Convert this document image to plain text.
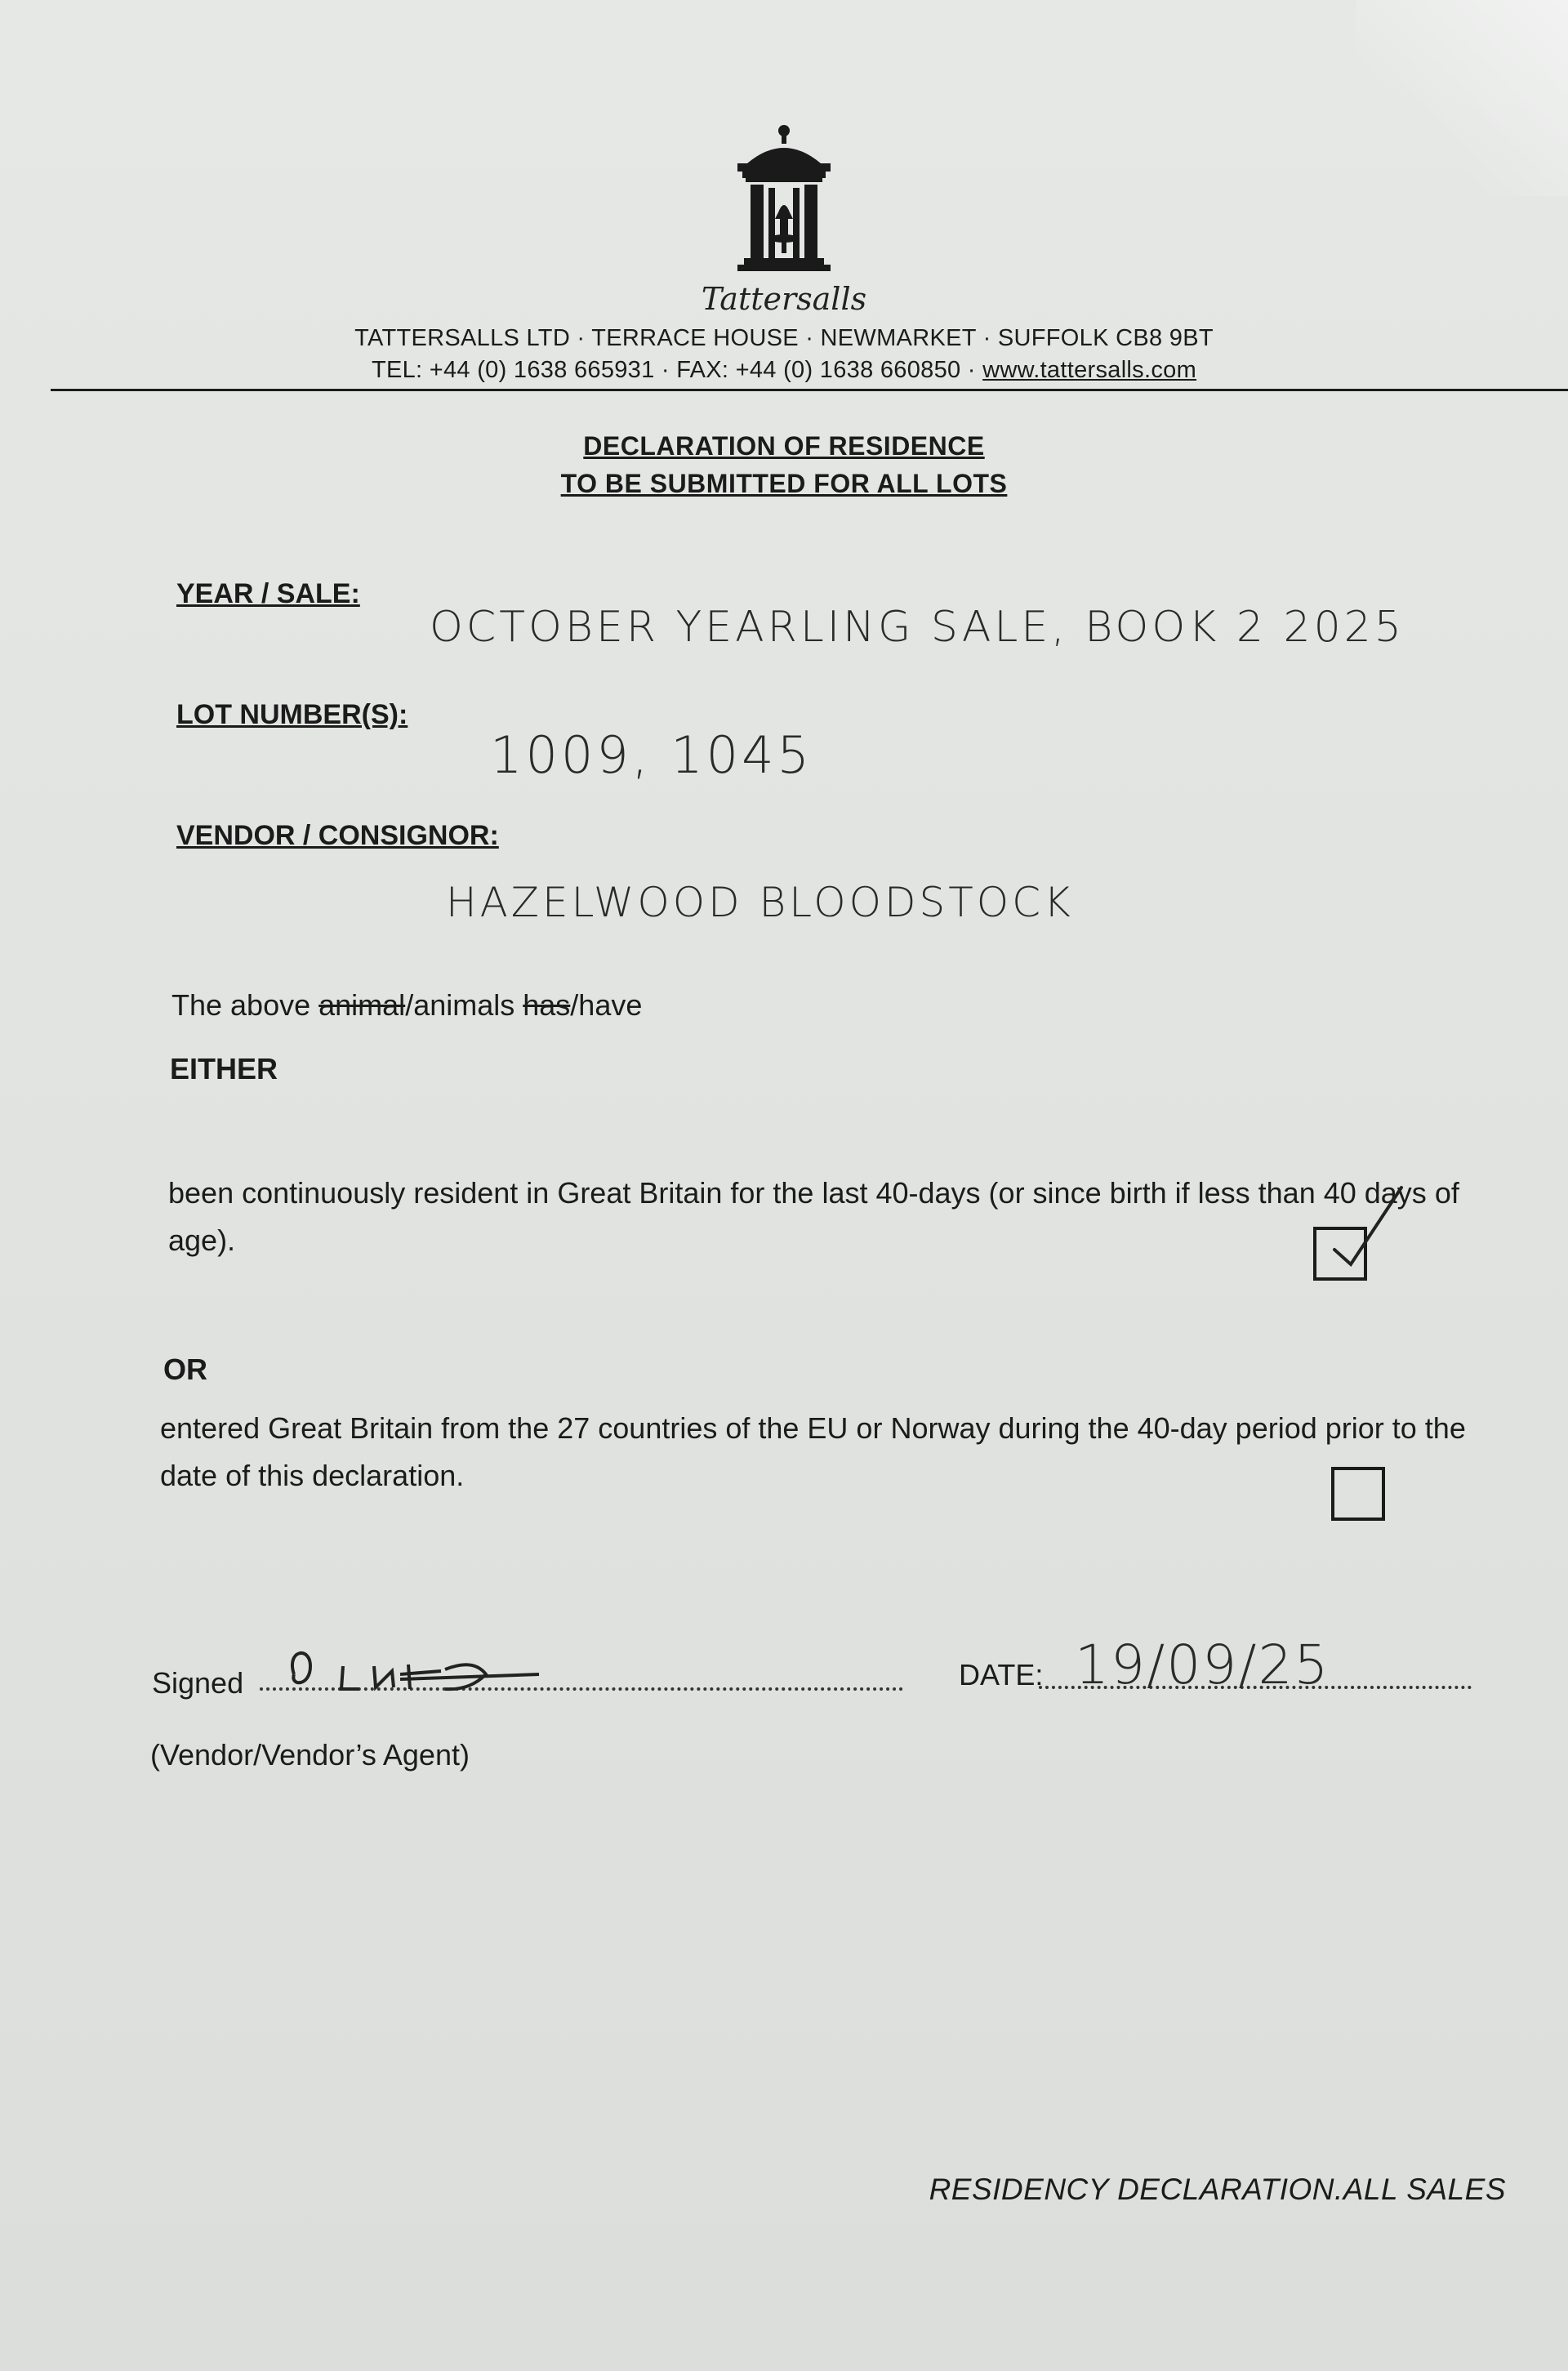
Tattersalls
TATTERSALLS LTD · TERRACE HOUSE · NEWMARKET · SUFFOLK CB8 9BT
TEL: +44 (0) 1638 665931 · FAX: +44 (0) 1638 660850 · www.tattersalls.com
DECLARATION OF RESIDENCE
TO BE SUBMITTED FOR ALL LOTS
YEAR / SALE:
OCTOBER YEARLING SALE, BOOK 2 2025
LOT NUMBER(S):
1009, 1045
VENDOR / CONSIGNOR:
HAZELWOOD BLOODSTOCK
The above animal/animals has/have
EITHER
been continuously resident in Great Britain for the last 40-days (or since birth if less than 40 days of age).
OR
entered Great Britain from the 27 countries of the EU or Norway during the 40-day period prior to the date of this declaration.
Signed	DATE: 19/09/25
(Vendor/Vendor’s Agent)
RESIDENCY DECLARATION.ALL SALES
